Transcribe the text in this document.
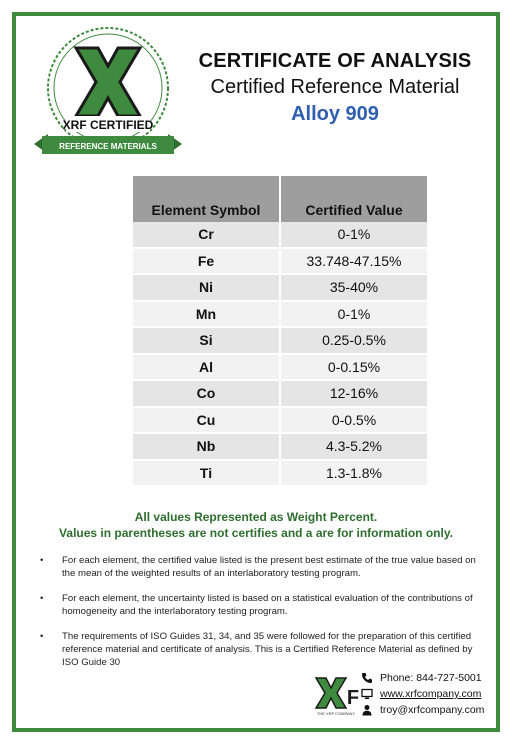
XRF CERTIFIED
REFERENCE MATERIALS
CERTIFICATE OF ANALYSIS
Certified Reference Material
Alloy 909
Element Symbol	Certified Value
Cr	0-1%
Fe	33.748-47.15%
Ni	35-40%
Mn	0-1%
Si	0.25-0.5%
Al	0-0.15%
Co	12-16%
Cu	0-0.5%
Nb	4.3-5.2%
Ti	1.3-1.8%
All values Represented as Weight Percent.
Values in parentheses are not certifies and a are for information only.
• For each element, the certified value listed is the present best estimate of the true value based on the mean of the weighted results of an interlaboratory testing program.
• For each element, the uncertainty listed is based on a statistical evaluation of the contributions of homogeneity and the interlaboratory testing program.
• The requirements of ISO Guides 31, 34, and 35 were followed for the preparation of this certified reference material and certificate of analysis. This is a Certified Reference Material as defined by ISO Guide 30
F
THE XRF COMPANY
Phone: 844-727-5001
www.xrfcompany.com
troy@xrfcompany.com
